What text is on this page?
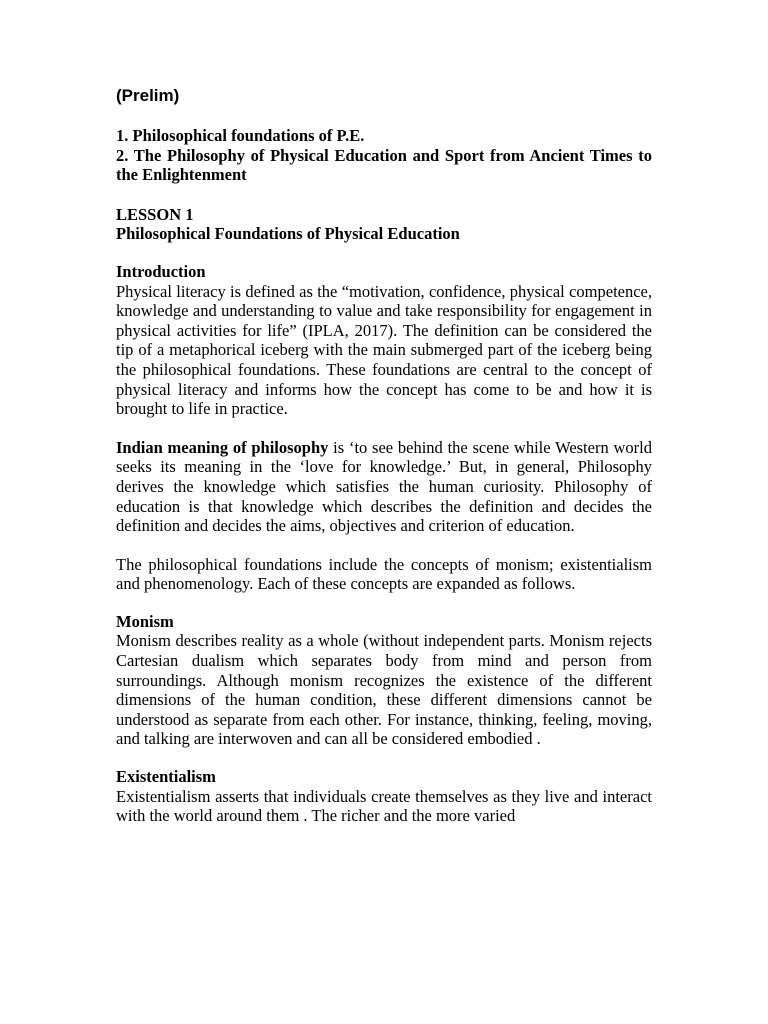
(Prelim)

1. Philosophical foundations of P.E.

2. The Philosophy of Physical Education and Sport from Ancient Times to the Enlightenment

LESSON 1

Philosophical Foundations of Physical Education

Introduction

Physical literacy is defined as the “motivation, confidence, physical competence, knowledge and understanding to value and take responsibility for engagement in physical activities for life” (IPLA, 2017). The definition can be considered the tip of a metaphorical iceberg with the main submerged part of the iceberg being the philosophical foundations. These foundations are central to the concept of physical literacy and informs how the concept has come to be and how it is brought to life in practice.

Indian meaning of philosophy is ‘to see behind the scene while Western world seeks its meaning in the ‘love for knowledge.’ But, in general, Philosophy derives the knowledge which satisfies the human curiosity. Philosophy of education is that knowledge which describes the definition and decides the definition and decides the aims, objectives and criterion of education.

The philosophical foundations include the concepts of monism; existentialism and phenomenology. Each of these concepts are expanded as follows.

Monism

Monism describes reality as a whole (without independent parts. Monism rejects Cartesian dualism which separates body from mind and person from surroundings. Although monism recognizes the existence of the different dimensions of the human condition, these different dimensions cannot be understood as separate from each other. For instance, thinking, feeling, moving, and talking are interwoven and can all be considered embodied .

Existentialism

Existentialism asserts that individuals create themselves as they live and interact with the world around them . The richer and the more varied
